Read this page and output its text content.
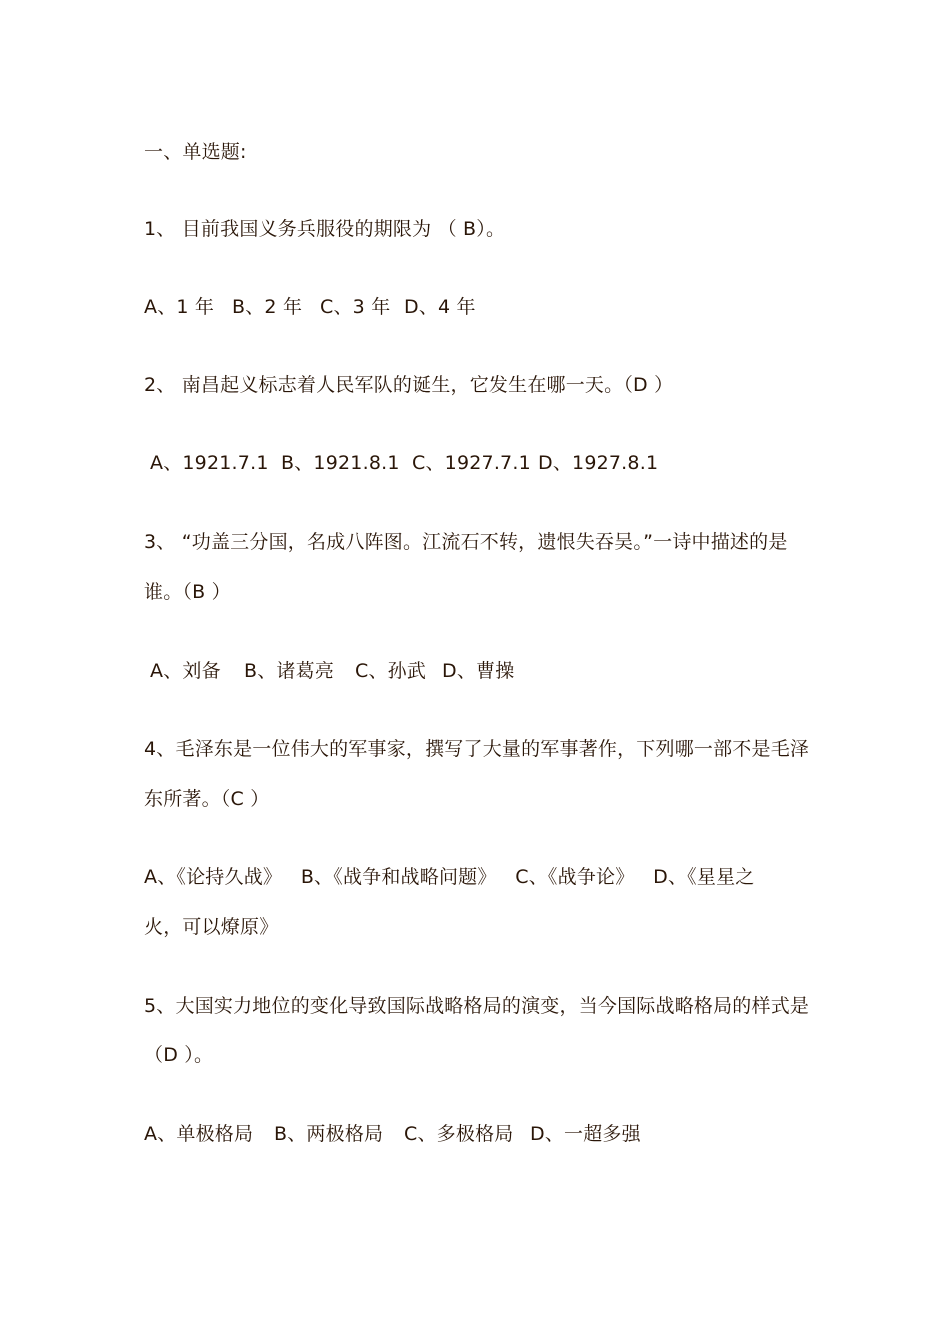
一、单选题:
1、 目前我国义务兵服役的期限为 （ B）。
A、1 年 B、2 年 C、3 年 D、4 年
2、 南昌起义标志着人民军队的诞生，它发生在哪一天。（D ）
A、1921.7.1 B、1921.8.1 C、1927.7.1 D、1927.8.1
3、 “功盖三分国，名成八阵图。江流石不转，遗恨失吞吴。”一诗中描述的是
谁。（B ）
A、刘备 B、诸葛亮 C、孙武 D、曹操
4、毛泽东是一位伟大的军事家，撰写了大量的军事著作，下列哪一部不是毛泽
东所著。（C ）
A、《论持久战》   B、《战争和战略问题》   C、《战争论》   D、《星星之
火，可以燎原》
5、大国实力地位的变化导致国际战略格局的演变，当今国际战略格局的样式是
（D ）。
A、单极格局 B、两极格局 C、多极格局 D、一超多强
